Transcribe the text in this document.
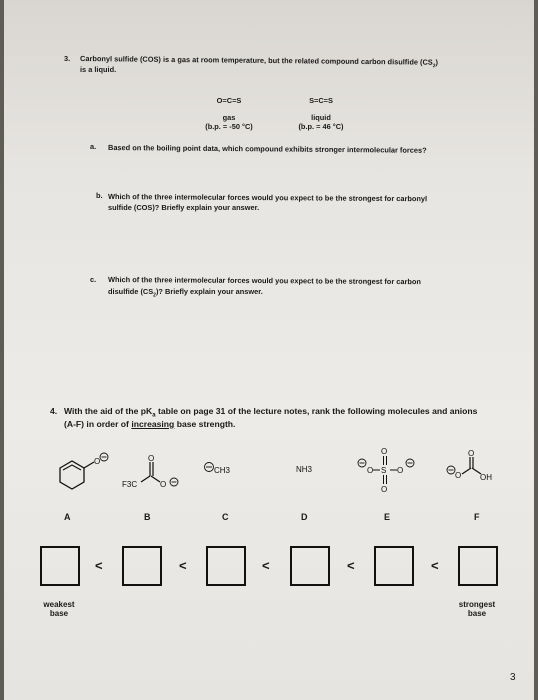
3. Carbonyl sulfide (COS) is a gas at room temperature, but the related compound carbon disulfide $(CS_2)$
is a liquid.
O=C=S
gas
(b.p. = -50 °C)
S=C=S
liquid
(b.p. = 46 °C)
a. Based on the boiling point data, which compound exhibits stronger intermolecular forces?
b. Which of the three intermolecular forces would you expect to be the strongest for carbonyl
sulfide (COS)? Briefly explain your answer.
c. Which of the three intermolecular forces would you expect to be the strongest for carbon
disulfide $(CS_2)$? Briefly explain your answer.
4. With the aid of the $pK_a$ table on page 31 of the lecture notes, rank the following molecules and anions
(A-F) in order of increasing base strength.
O
A
F3C
O
O
B
CH3
C
NH3
D
O
S
O
O	O
E
O
O
OH
F
<	<	<	<	<
weakest
base
strongest
base
3
